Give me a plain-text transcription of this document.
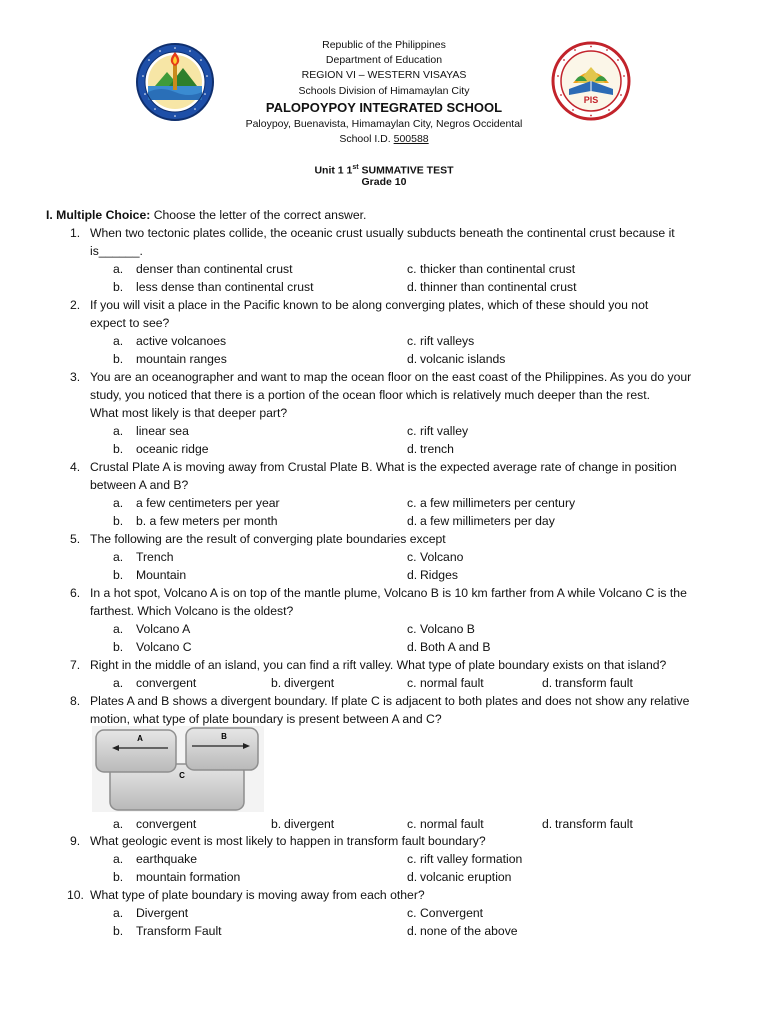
PIS
Republic of the Philippines
Department of Education
REGION VI – WESTERN VISAYAS
Schools Division of Himamaylan City
PALOPOYPOY INTEGRATED SCHOOL
Paloypoy, Buenavista, Himamaylan City, Negros Occidental
School I.D. 500588
Unit 1 1st SUMMATIVE TEST
Grade 10
I. Multiple Choice: Choose the letter of the correct answer.
1. When two tectonic plates collide, the oceanic crust usually subducts beneath the continental crust because it
is______.
a. denser than continental crust	c. thicker than continental crust
b. less dense than continental crust	d. thinner than continental crust
2. If you will visit a place in the Pacific known to be along converging plates, which of these should you not
expect to see?
a. active volcanoes	c. rift valleys
b. mountain ranges	d. volcanic islands
3. You are an oceanographer and want to map the ocean floor on the east coast of the Philippines. As you do your
study, you noticed that there is a portion of the ocean floor which is relatively much deeper than the rest.
What most likely is that deeper part?
a. linear sea	c. rift valley
b. oceanic ridge	d. trench
4. Crustal Plate A is moving away from Crustal Plate B. What is the expected average rate of change in position
between A and B?
a. a few centimeters per year	c. a few millimeters per century
b. b. a few meters per month	d. a few millimeters per day
5. The following are the result of converging plate boundaries except
a. Trench	c. Volcano
b. Mountain	d. Ridges
6. In a hot spot, Volcano A is on top of the mantle plume, Volcano B is 10 km farther from A while Volcano C is the
farthest. Which Volcano is the oldest?
a. Volcano A	c. Volcano B
b. Volcano C	d. Both A and B
7. Right in the middle of an island, you can find a rift valley. What type of plate boundary exists on that island?
a. convergent	b. divergent	c. normal fault	d. transform fault
8. Plates A and B shows a divergent boundary. If plate C is adjacent to both plates and does not show any relative
motion, what type of plate boundary is present between A and C?
a. convergent	b. divergent	c. normal fault	d. transform fault
9. What geologic event is most likely to happen in transform fault boundary?
a. earthquake	c. rift valley formation
b. mountain formation	d. volcanic eruption
10. What type of plate boundary is moving away from each other?
a. Divergent	c. Convergent
b. Transform Fault	d. none of the above
A	B
C
